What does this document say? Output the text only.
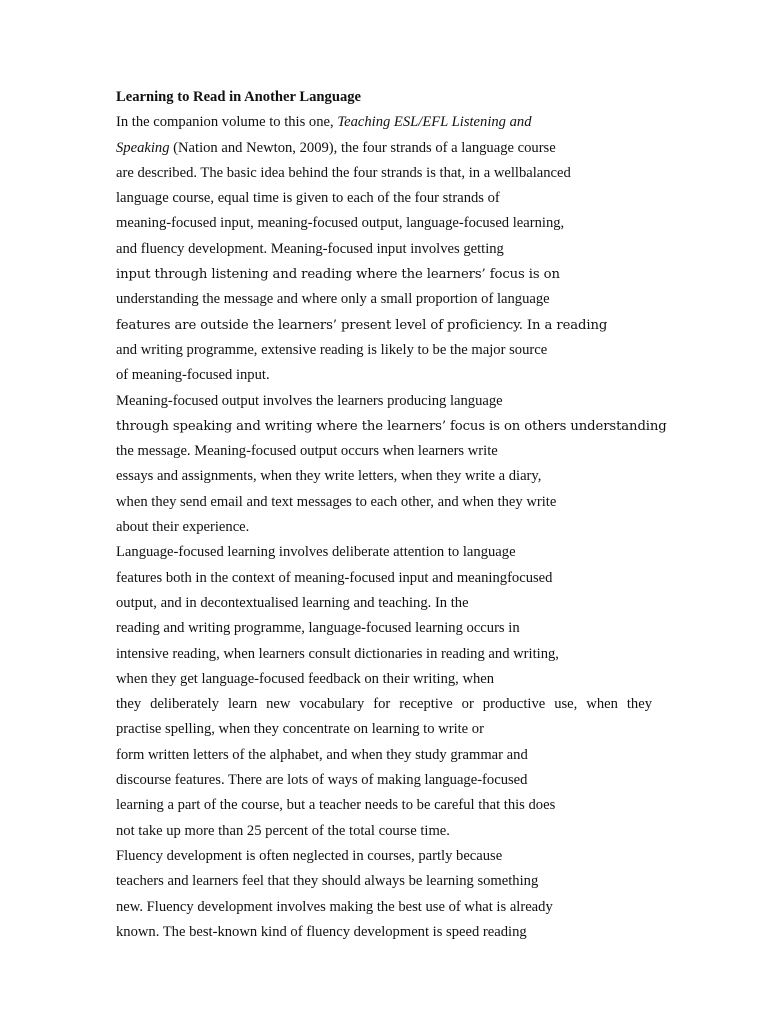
Learning to Read in Another Language
In the companion volume to this one, Teaching ESL/EFL Listening and
Speaking (Nation and Newton, 2009), the four strands of a language course
are described. The basic idea behind the four strands is that, in a wellbalanced
language course, equal time is given to each of the four strands of
meaning-focused input, meaning-focused output, language-focused learning,
and fluency development. Meaning-focused input involves getting
input through listening and reading where the learners’ focus is on
understanding the message and where only a small proportion of language
features are outside the learners’ present level of proficiency. In a reading
and writing programme, extensive reading is likely to be the major source
of meaning-focused input.
Meaning-focused output involves the learners producing language
through speaking and writing where the learners’ focus is on others understanding
the message. Meaning-focused output occurs when learners write
essays and assignments, when they write letters, when they write a diary,
when they send email and text messages to each other, and when they write
about their experience.
Language-focused learning involves deliberate attention to language
features both in the context of meaning-focused input and meaningfocused
output, and in decontextualised learning and teaching. In the
reading and writing programme, language-focused learning occurs in
intensive reading, when learners consult dictionaries in reading and writing,
when they get language-focused feedback on their writing, when
they deliberately learn new vocabulary for receptive or productive use, when they
practise spelling, when they concentrate on learning to write or
form written letters of the alphabet, and when they study grammar and
discourse features. There are lots of ways of making language-focused
learning a part of the course, but a teacher needs to be careful that this does
not take up more than 25 percent of the total course time.
Fluency development is often neglected in courses, partly because
teachers and learners feel that they should always be learning something
new. Fluency development involves making the best use of what is already
known. The best-known kind of fluency development is speed reading
